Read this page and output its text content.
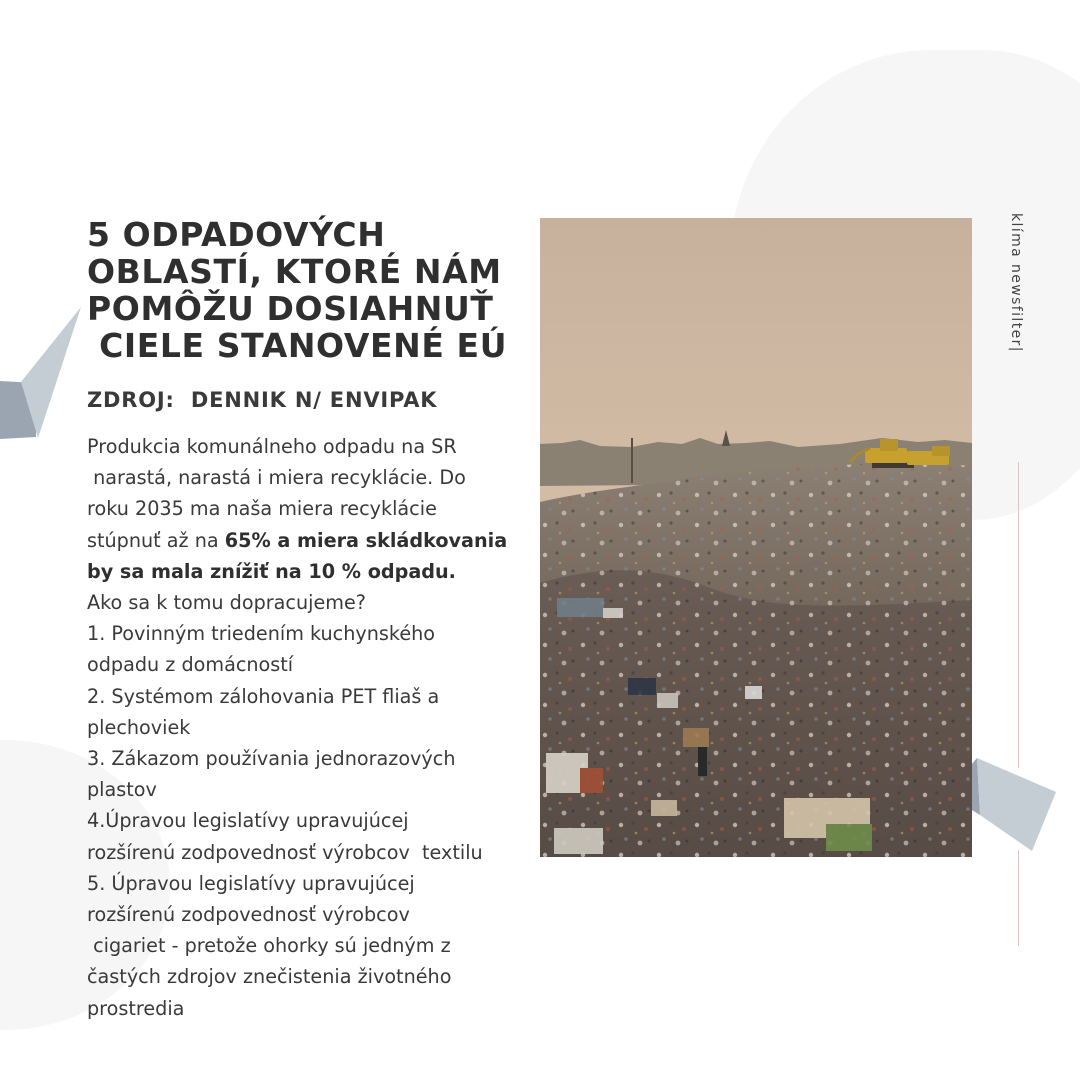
5 ODPADOVÝCH
OBLASTÍ, KTORÉ NÁM
POMÔŽU DOSIAHNUŤ
CIELE STANOVENÉ EÚ
ZDROJ:  DENNIK N/ ENVIPAK
Produkcia komunálneho odpadu na SR
narastá, narastá i miera recyklácie. Do
roku 2035 ma naša miera recyklácie
stúpnuť až na 65% a miera skládkovania
by sa mala znížiť na 10 % odpadu.
Ako sa k tomu dopracujeme?
1. Povinným triedením kuchynského
odpadu z domácností
2. Systémom zálohovania PET fliaš a
plechoviek
3. Zákazom používania jednorazových
plastov
4.Úpravou legislatívy upravujúcej
rozšírenú zodpovednosť výrobcov  textilu
5. Úpravou legislatívy upravujúcej
rozšírenú zodpovednosť výrobcov
cigariet - pretože ohorky sú jedným z
častých zdrojov znečistenia životného
prostredia
klíma newsfilter|
